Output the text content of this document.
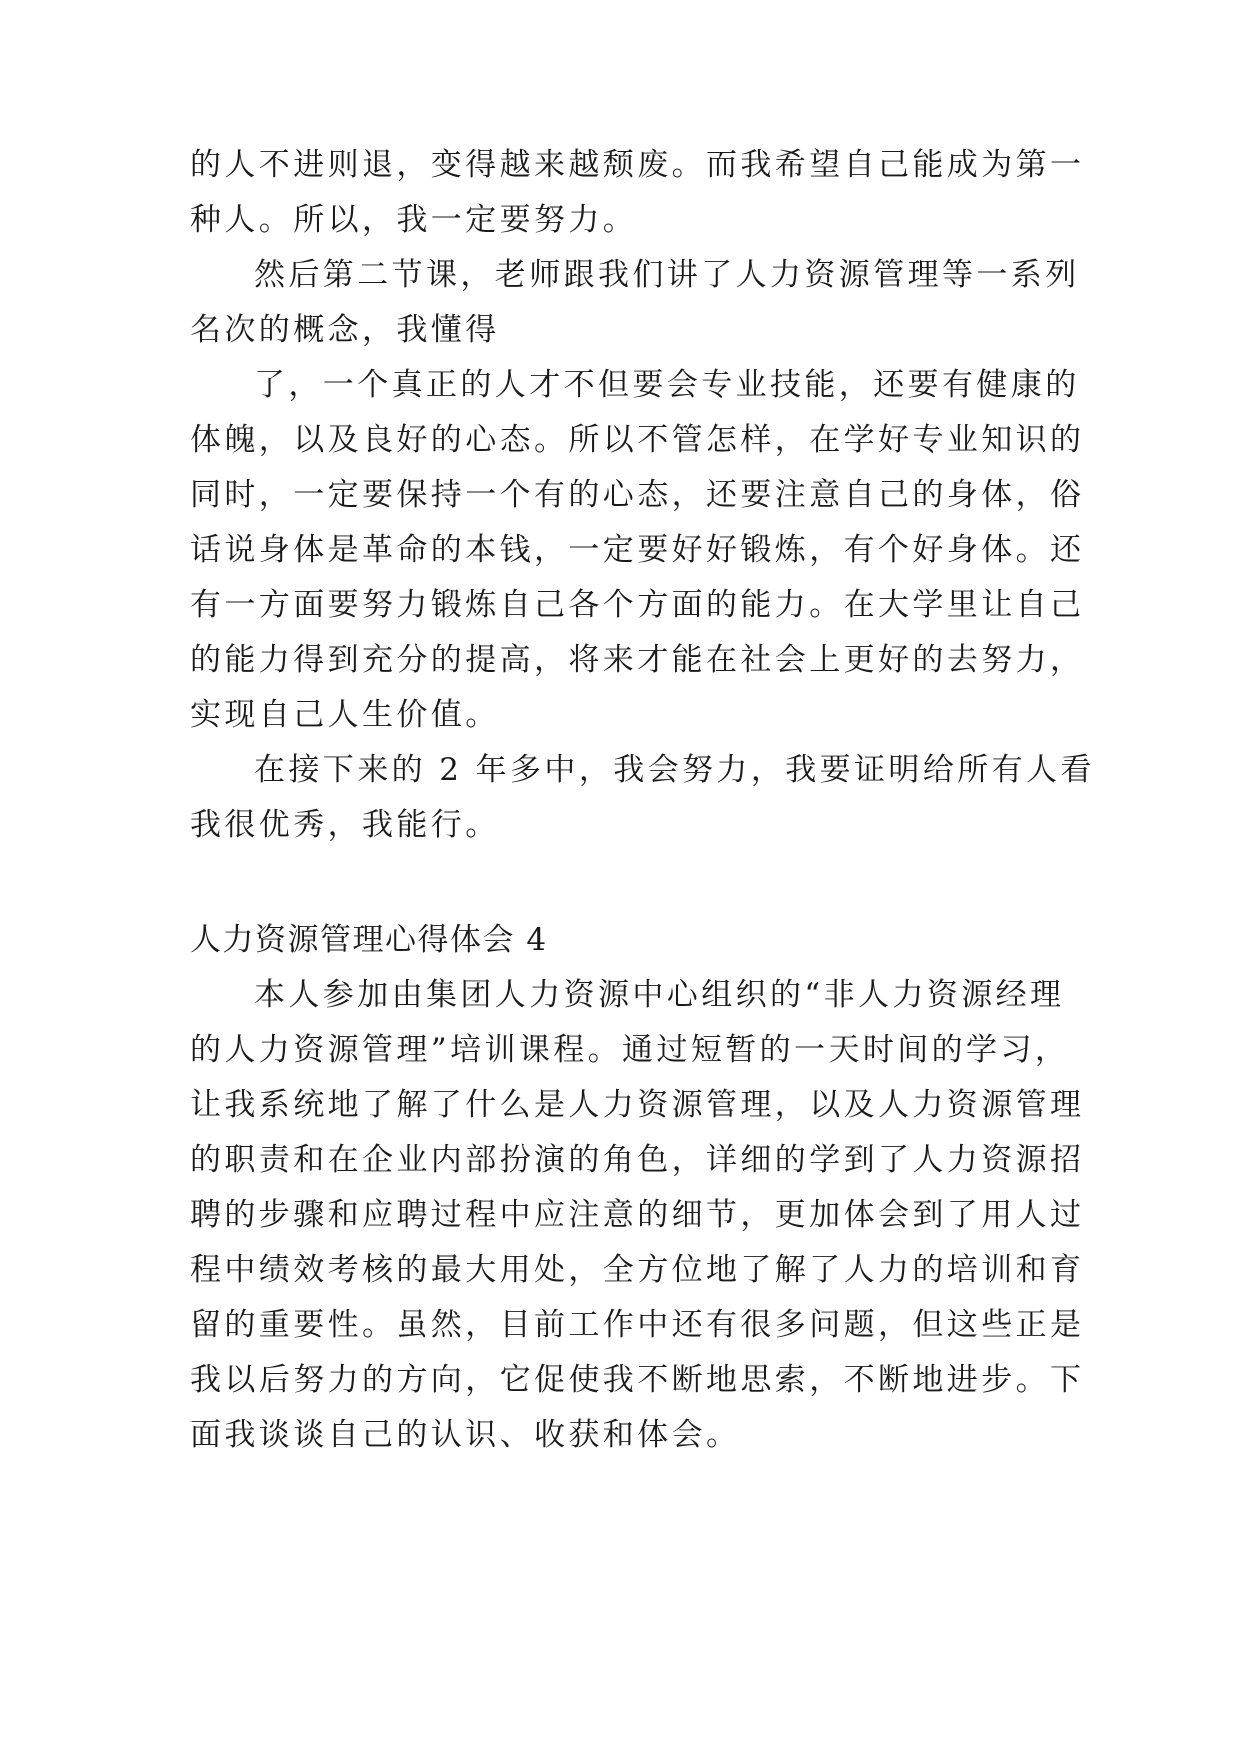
的人不进则退，变得越来越颓废。而我希望自己能成为第一
种人。所以，我一定要努力。
然后第二节课，老师跟我们讲了人力资源管理等一系列
名次的概念，我懂得
了，一个真正的人才不但要会专业技能，还要有健康的
体魄，以及良好的心态。所以不管怎样，在学好专业知识的
同时，一定要保持一个有的心态，还要注意自己的身体，俗
话说身体是革命的本钱，一定要好好锻炼，有个好身体。还
有一方面要努力锻炼自己各个方面的能力。在大学里让自己
的能力得到充分的提高，将来才能在社会上更好的去努力，
实现自己人生价值。
在接下来的 2 年多中，我会努力，我要证明给所有人看
我很优秀，我能行。
人力资源管理心得体会 4
本人参加由集团人力资源中心组织的“非人力资源经理
的人力资源管理”培训课程。通过短暂的一天时间的学习，
让我系统地了解了什么是人力资源管理，以及人力资源管理
的职责和在企业内部扮演的角色，详细的学到了人力资源招
聘的步骤和应聘过程中应注意的细节，更加体会到了用人过
程中绩效考核的最大用处，全方位地了解了人力的培训和育
留的重要性。虽然，目前工作中还有很多问题，但这些正是
我以后努力的方向，它促使我不断地思索，不断地进步。下
面我谈谈自己的认识、收获和体会。
